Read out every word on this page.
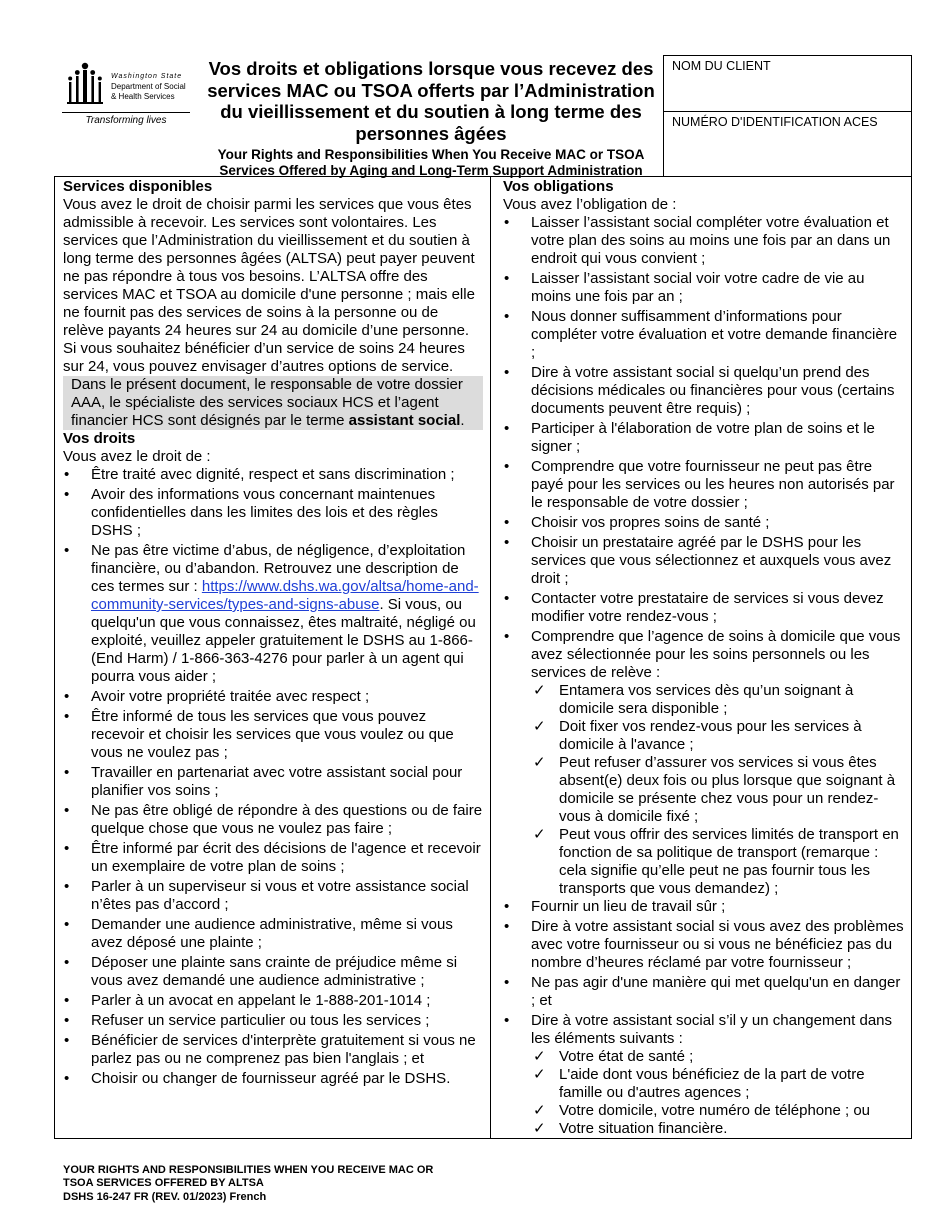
Washington State
Department of Social
& Health Services
Transforming lives
Vos droits et obligations lorsque vous recevez des services MAC ou TSOA offerts par l’Administration du vieillissement et du soutien à long terme des personnes âgées
Your Rights and Responsibilities When You Receive MAC or TSOA Services Offered by Aging and Long-Term Support Administration
NOM DU CLIENT
NUMÉRO D'IDENTIFICATION ACES
Services disponibles

Vous avez le droit de choisir parmi les services que vous êtes admissible à recevoir. Les services sont volontaires. Les services que l’Administration du vieillissement et du soutien à long terme des personnes âgées (ALTSA) peut payer peuvent ne pas répondre à tous vos besoins. L’ALTSA offre des services MAC et TSOA au domicile d'une personne ; mais elle ne fournit pas des services de soins à la personne ou de relève payants 24 heures sur 24 au domicile d’une personne. Si vous souhaitez bénéficier d’un service de soins 24 heures sur 24, vous pouvez envisager d’autres options de service.

Dans le présent document, le responsable de votre dossier AAA, le spécialiste des services sociaux HCS et l’agent financier HCS sont désignés par le terme assistant social.

Vos droits

Vous avez le droit de :

• Être traité avec dignité, respect et sans discrimination ;
• Avoir des informations vous concernant maintenues confidentielles dans les limites des lois et des règles DSHS ;
• Ne pas être victime d’abus, de négligence, d’exploitation financière, ou d’abandon. Retrouvez une description de ces termes sur : https://www.dshs.wa.gov/altsa/home-and-community-services/types-and-signs-abuse. Si vous, ou quelqu'un que vous connaissez, êtes maltraité, négligé ou exploité, veuillez appeler gratuitement le DSHS au 1-866-(End Harm) / 1-866-363-4276 pour parler à un agent qui pourra vous aider ;
• Avoir votre propriété traitée avec respect ;
• Être informé de tous les services que vous pouvez recevoir et choisir les services que vous voulez ou que vous ne voulez pas ;
• Travailler en partenariat avec votre assistant social pour planifier vos soins ;
• Ne pas être obligé de répondre à des questions ou de faire quelque chose que vous ne voulez pas faire ;
• Être informé par écrit des décisions de l'agence et recevoir un exemplaire de votre plan de soins ;
• Parler à un superviseur si vous et votre assistance social n’êtes pas d’accord ;
• Demander une audience administrative, même si vous avez déposé une plainte ;
• Déposer une plainte sans crainte de préjudice même si vous avez demandé une audience administrative ;
• Parler à un avocat en appelant le 1-888-201-1014 ;
• Refuser un service particulier ou tous les services ;
• Bénéficier de services d'interprète gratuitement si vous ne parlez pas ou ne comprenez pas bien l'anglais ; et
• Choisir ou changer de fournisseur agréé par le DSHS.
Vos obligations

Vous avez l’obligation de :

• Laisser l’assistant social compléter votre évaluation et votre plan des soins au moins une fois par an dans un endroit qui vous convient ;
• Laisser l’assistant social voir votre cadre de vie au moins une fois par an ;
• Nous donner suffisamment d’informations pour compléter votre évaluation et votre demande financière ;
• Dire à votre assistant social si quelqu’un prend des décisions médicales ou financières pour vous (certains documents peuvent être requis) ;
• Participer à l'élaboration de votre plan de soins et le signer ;
• Comprendre que votre fournisseur ne peut pas être payé pour les services ou les heures non autorisés par le responsable de votre dossier ;
• Choisir vos propres soins de santé ;
• Choisir un prestataire agréé par le DSHS pour les services que vous sélectionnez et auxquels vous avez droit ;
• Contacter votre prestataire de services si vous devez modifier votre rendez-vous ;
• Comprendre que l’agence de soins à domicile que vous avez sélectionnée pour les soins personnels ou les services de relève :
✓ Entamera vos services dès qu’un soignant à domicile sera disponible ;
✓ Doit fixer vos rendez-vous pour les services à domicile à l'avance ;
✓ Peut refuser d’assurer vos services si vous êtes absent(e) deux fois ou plus lorsque que soignant à domicile se présente chez vous pour un rendez-vous à domicile fixé ;
✓ Peut vous offrir des services limités de transport en fonction de sa politique de transport (remarque : cela signifie qu’elle peut ne pas fournir tous les transports que vous demandez) ;
• Fournir un lieu de travail sûr ;
• Dire à votre assistant social si vous avez des problèmes avec votre fournisseur ou si vous ne bénéficiez pas du nombre d’heures réclamé par votre fournisseur ;
• Ne pas agir d'une manière qui met quelqu'un en danger ; et
• Dire à votre assistant social s’il y un changement dans les éléments suivants :
✓ Votre état de santé ;
✓ L'aide dont vous bénéficiez de la part de votre famille ou d'autres agences ;
✓ Votre domicile, votre numéro de téléphone ; ou
✓ Votre situation financière.
YOUR RIGHTS AND RESPONSIBILITIES WHEN YOU RECEIVE MAC OR
TSOA SERVICES OFFERED BY ALTSA
DSHS 16-247 FR (REV. 01/2023) French
